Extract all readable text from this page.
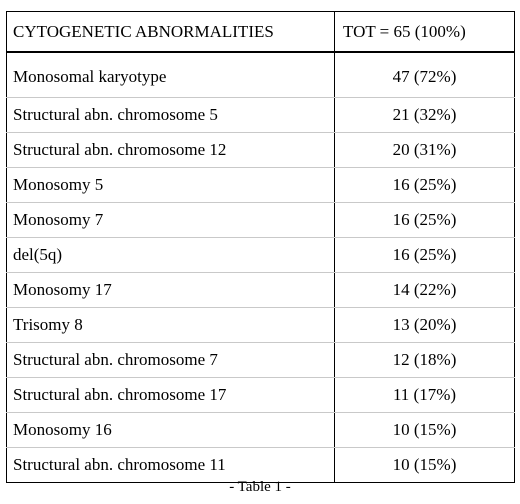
CYTOGENETIC ABNORMALITIES	TOT = 65 (100%)
Monosomal karyotype	47 (72%)
Structural abn. chromosome 5	21 (32%)
Structural abn. chromosome 12	20 (31%)
Monosomy 5	16 (25%)
Monosomy 7	16 (25%)
del(5q)	16 (25%)
Monosomy 17	14 (22%)
Trisomy 8	13 (20%)
Structural abn. chromosome 7	12 (18%)
Structural abn. chromosome 17	11 (17%)
Monosomy 16	10 (15%)
Structural abn. chromosome 11	10 (15%)
- Table 1 -
